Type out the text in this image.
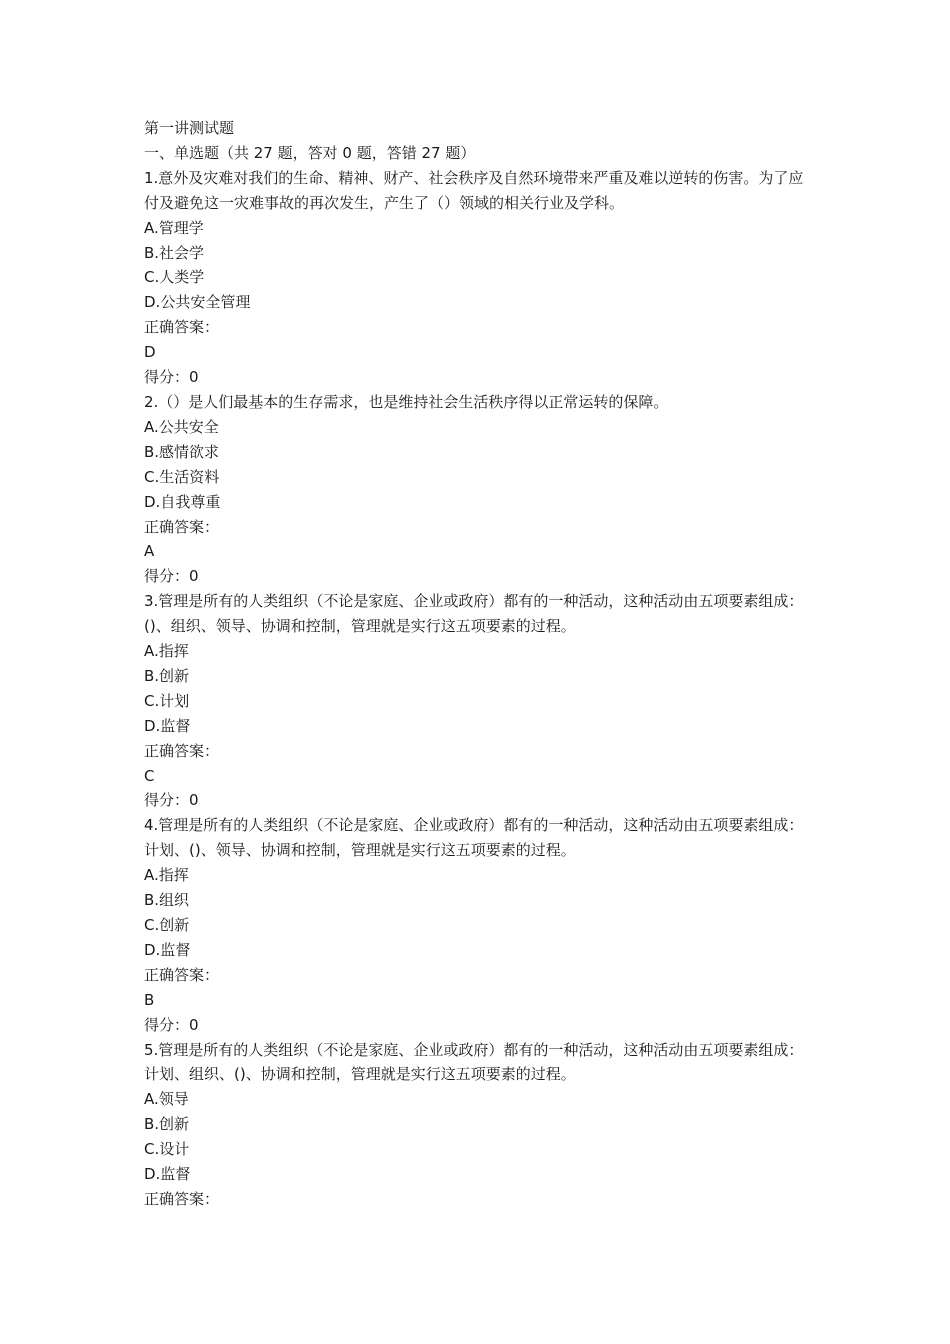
第一讲测试题
一、单选题（共 27 题，答对 0 题，答错 27 题）
1.意外及灾难对我们的生命、精神、财产、社会秩序及自然环境带来严重及难以逆转的伤害。为了应付及避免这一灾难事故的再次发生，产生了（）领域的相关行业及学科。
A.管理学
B.社会学
C.人类学
D.公共安全管理
正确答案：
D
得分：0
2.（）是人们最基本的生存需求，也是维持社会生活秩序得以正常运转的保障。
A.公共安全
B.感情欲求
C.生活资料
D.自我尊重
正确答案：
A
得分：0
3.管理是所有的人类组织（不论是家庭、企业或政府）都有的一种活动，这种活动由五项要素组成：()、组织、领导、协调和控制，管理就是实行这五项要素的过程。
A.指挥
B.创新
C.计划
D.监督
正确答案：
C
得分：0
4.管理是所有的人类组织（不论是家庭、企业或政府）都有的一种活动，这种活动由五项要素组成：计划、()、领导、协调和控制，管理就是实行这五项要素的过程。
A.指挥
B.组织
C.创新
D.监督
正确答案：
B
得分：0
5.管理是所有的人类组织（不论是家庭、企业或政府）都有的一种活动，这种活动由五项要素组成：计划、组织、()、协调和控制，管理就是实行这五项要素的过程。
A.领导
B.创新
C.设计
D.监督
正确答案：
